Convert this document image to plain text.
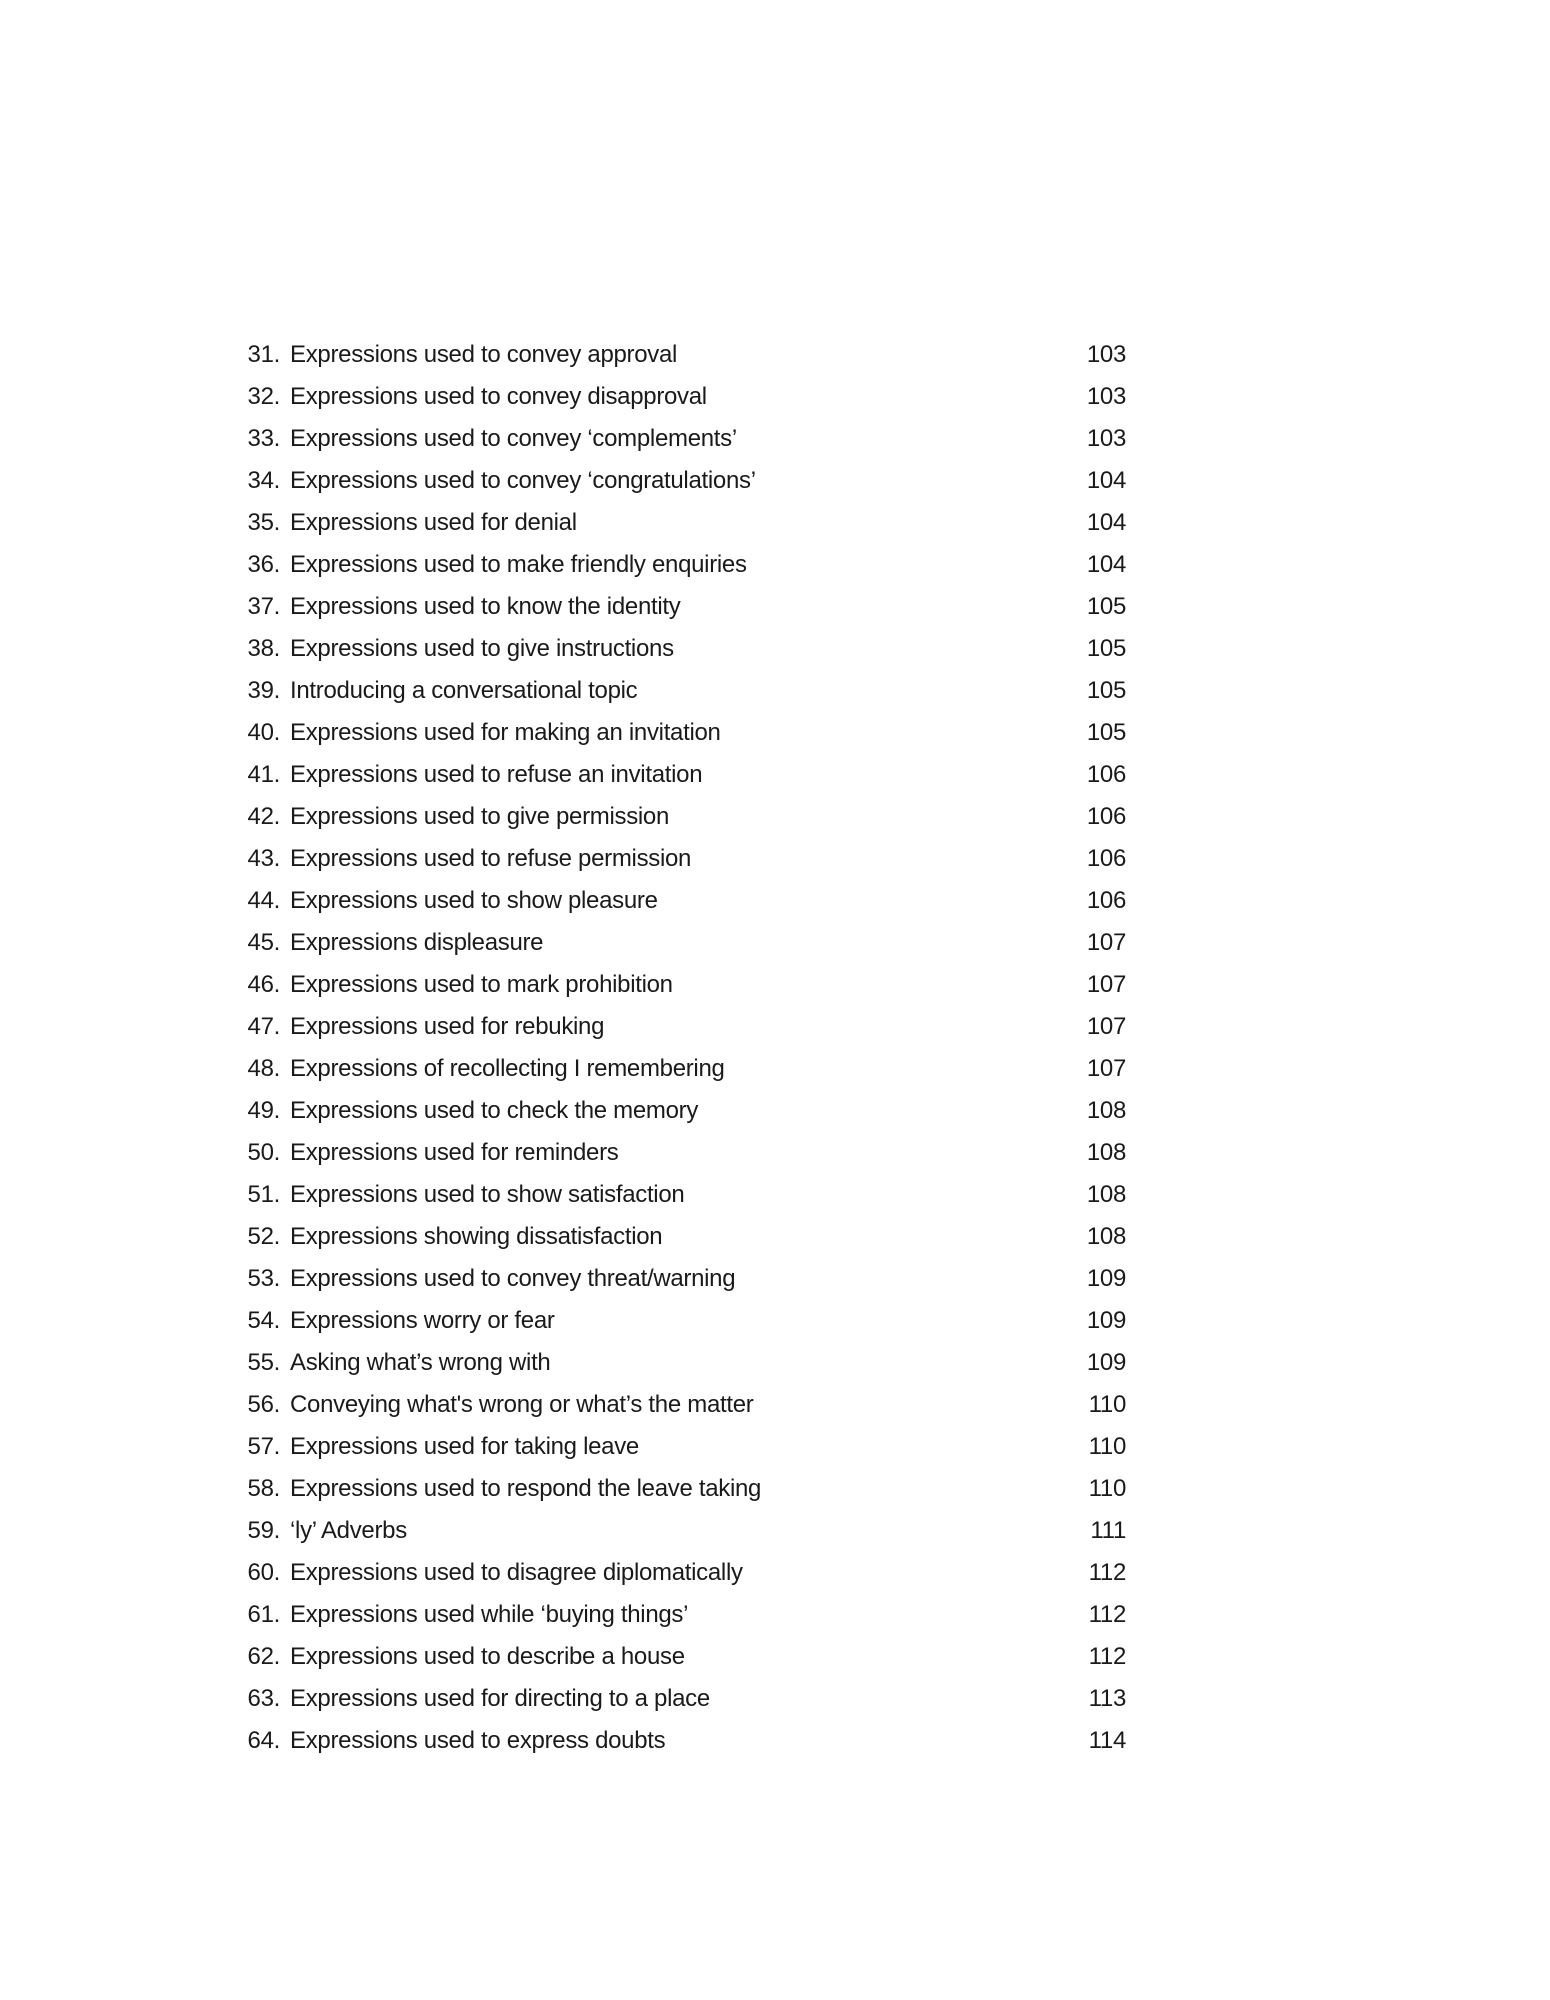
31. Expressions used to convey approval	103
32. Expressions used to convey disapproval	103
33. Expressions used to convey ‘complements’	103
34. Expressions used to convey ‘congratulations’	104
35. Expressions used for denial	104
36. Expressions used to make friendly enquiries	104
37. Expressions used to know the identity	105
38. Expressions used to give instructions	105
39. Introducing a conversational topic	105
40. Expressions used for making an invitation	105
41. Expressions used to refuse an invitation	106
42. Expressions used to give permission	106
43. Expressions used to refuse permission	106
44. Expressions used to show pleasure	106
45. Expressions displeasure	107
46. Expressions used to mark prohibition	107
47. Expressions used for rebuking	107
48. Expressions of recollecting I remembering	107
49. Expressions used to check the memory	108
50. Expressions used for reminders	108
51. Expressions used to show satisfaction	108
52. Expressions showing dissatisfaction	108
53. Expressions used to convey threat/warning	109
54. Expressions worry or fear	109
55. Asking what’s wrong with	109
56. Conveying what's wrong or what’s the matter	110
57. Expressions used for taking leave	110
58. Expressions used to respond the leave taking	110
59. ‘ly’ Adverbs	111
60. Expressions used to disagree diplomatically	112
61. Expressions used while ‘buying things’	112
62. Expressions used to describe a house	112
63. Expressions used for directing to a place	113
64. Expressions used to express doubts	114
